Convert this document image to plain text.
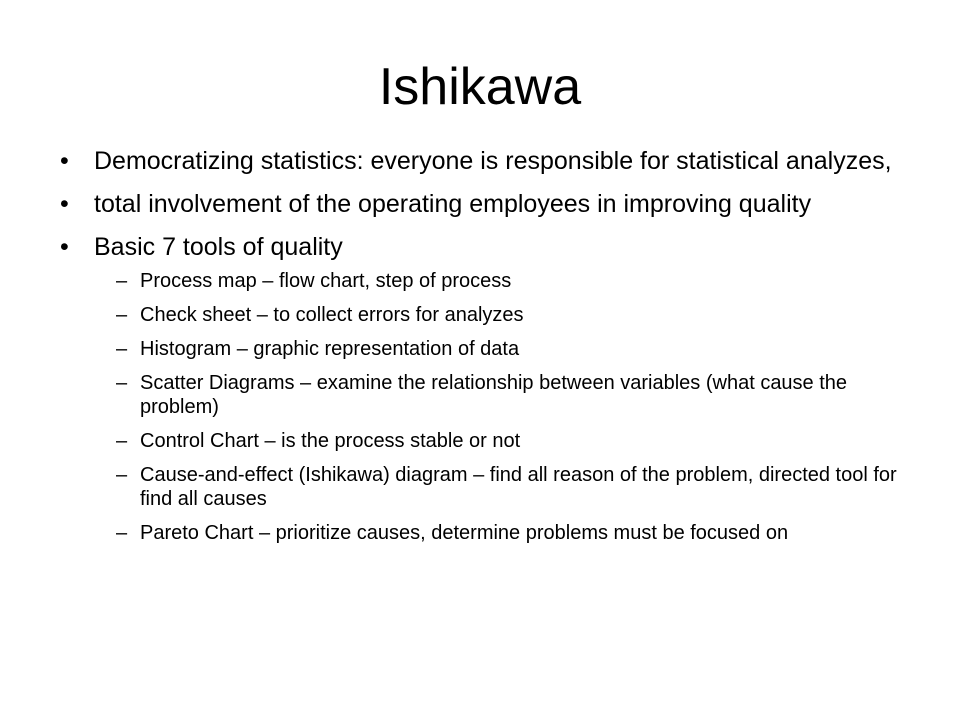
Ishikawa
•	Democratizing statistics: everyone is responsible for statistical analyzes,
•	total involvement of the operating employees in improving quality
•	Basic 7 tools of quality
– Process map – flow chart, step of process
– Check sheet – to collect errors for analyzes
– Histogram – graphic representation of data
– Scatter Diagrams – examine the relationship between variables (what cause the problem)
– Control Chart – is the process stable or not
– Cause-and-effect (Ishikawa) diagram – find all reason of the problem, directed tool for find all causes
– Pareto Chart – prioritize causes, determine problems must be focused on
